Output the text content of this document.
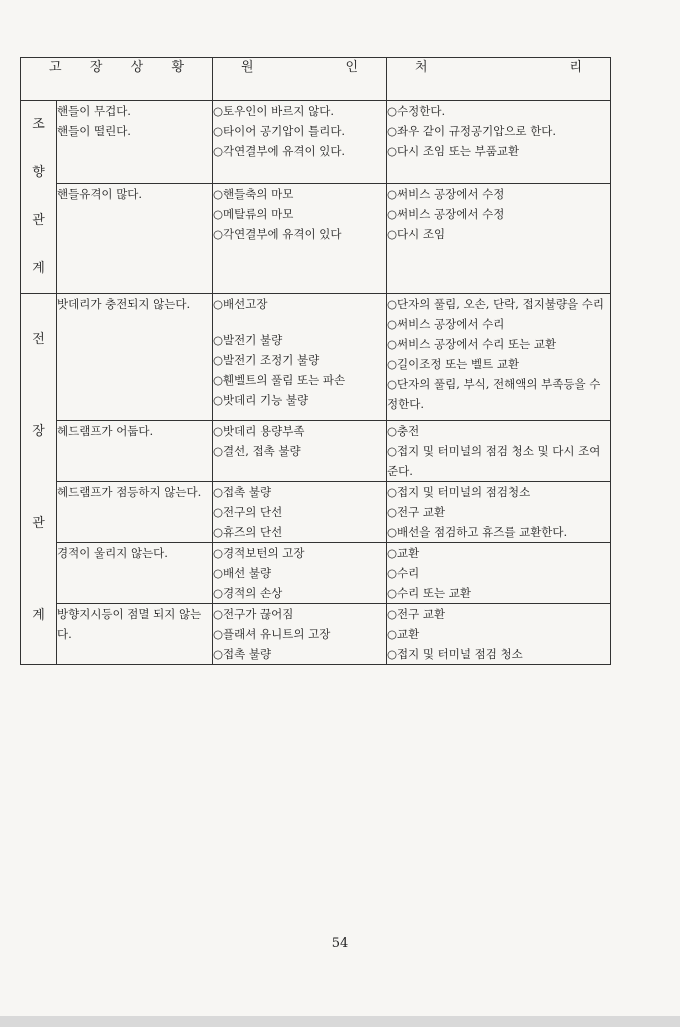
고 장 상 황		원 인	처 리

조
향
관
계	핸들이 무겁다.
핸들이 떨린다.	○토우인이 바르지 않다.
○타이어 공기압이 틀리다.
○각연결부에 유격이 있다.	○수정한다.
○좌우 같이 규정공기압으로 한다.
○다시 조임 또는 부품교환

	핸들유격이 많다.	○핸들축의 마모
○메탈류의 마모
○각연결부에 유격이 있다	○써비스 공장에서 수정
○써비스 공장에서 수정
○다시 조임

전
장
관
계	밧데리가 충전되지 않는다.	○배선고장
○발전기 불량
○발전기 조정기 불량
○휀벨트의 풀림 또는 파손
○밧데리 기능 불량	○단자의 풀림, 오손, 단락, 접지불량을 수리
○써비스 공장에서 수리
○써비스 공장에서 수리 또는 교환
○길이조정 또는 벨트 교환
○단자의 풀림, 부식, 전해액의 부족등을 수정한다.

	헤드램프가 어둡다.	○밧데리 용량부족
○결선, 접촉 불량	○충전
○접지 및 터미널의 점검 청소 및 다시 조여준다.

	헤드램프가 점등하지 않는다.	○접촉 불량
○전구의 단선
○휴즈의 단선	○접지 및 터미널의 점검청소
○전구 교환
○배선을 점검하고 휴즈를 교환한다.

	경적이 울리지 않는다.	○경적보턴의 고장
○배선 불량
○경적의 손상	○교환
○수리
○수리 또는 교환

	방향지시등이 점멸 되지 않는다.	○전구가 끊어짐
○플래셔 유니트의 고장
○접촉 불량	○전구 교환
○교환
○접지 및 터미널 점검 청소
54
